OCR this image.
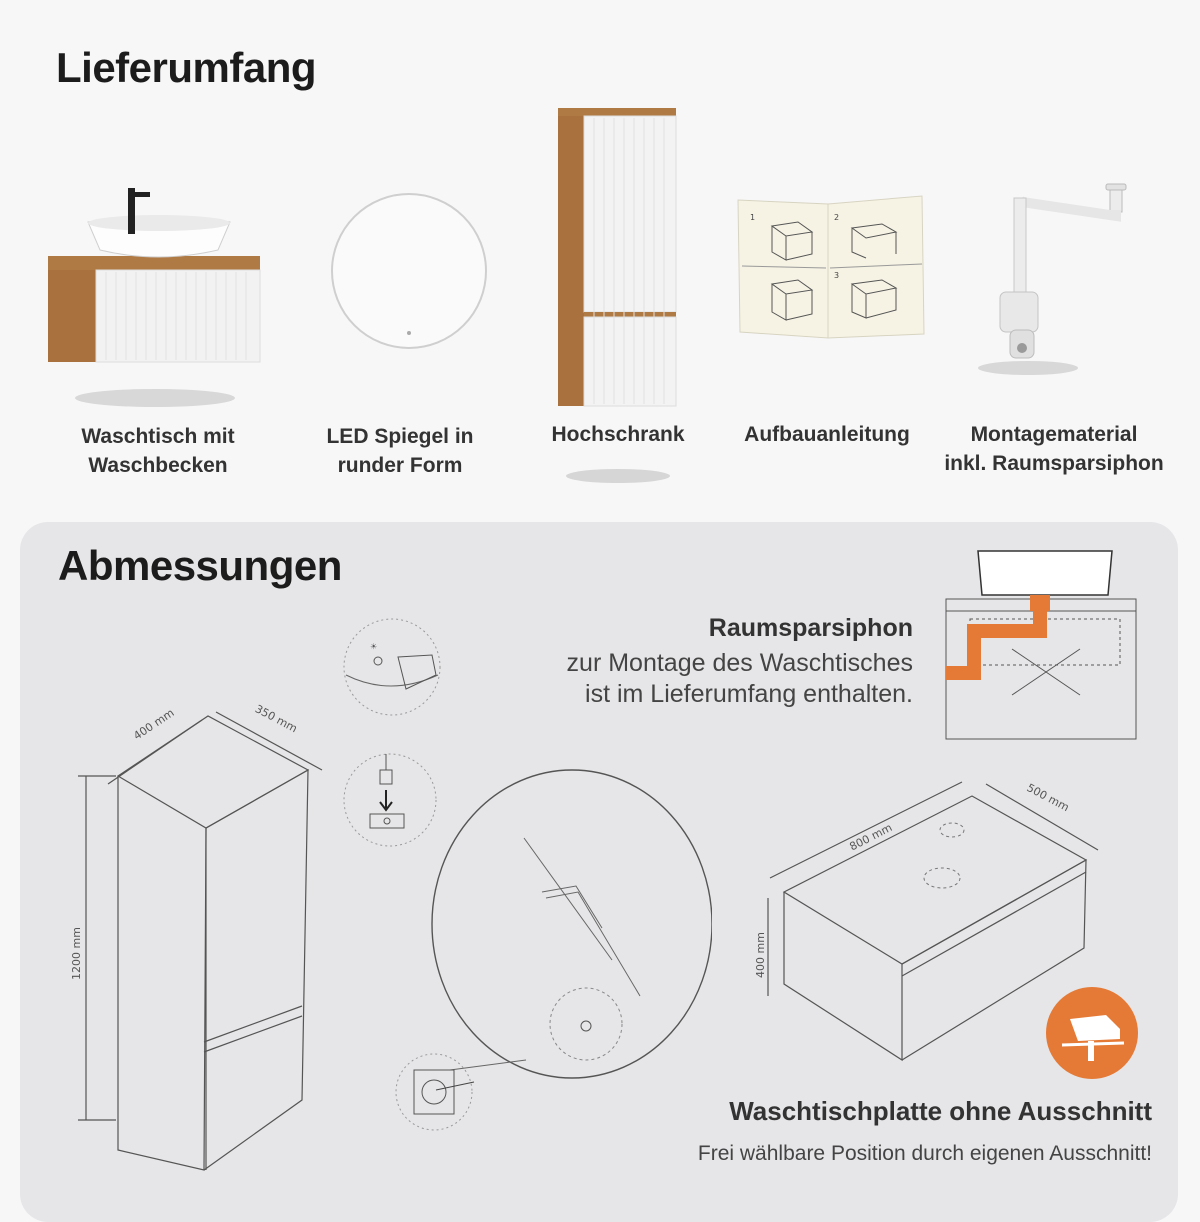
Lieferumfang
Waschtisch mit
Waschbecken
LED Spiegel in
runder Form
Hochschrank
1	2
3
Aufbauanleitung	Montagematerial
inkl. Raumsparsiphon
Abmessungen
400 mm	350 mm
1200 mm
☀
Raumsparsiphon
zur Montage des Waschtisches
ist im Lieferumfang enthalten.
800 mm
500 mm
400 mm
Waschtischplatte ohne Ausschnitt
Frei wählbare Position durch eigenen Ausschnitt!
